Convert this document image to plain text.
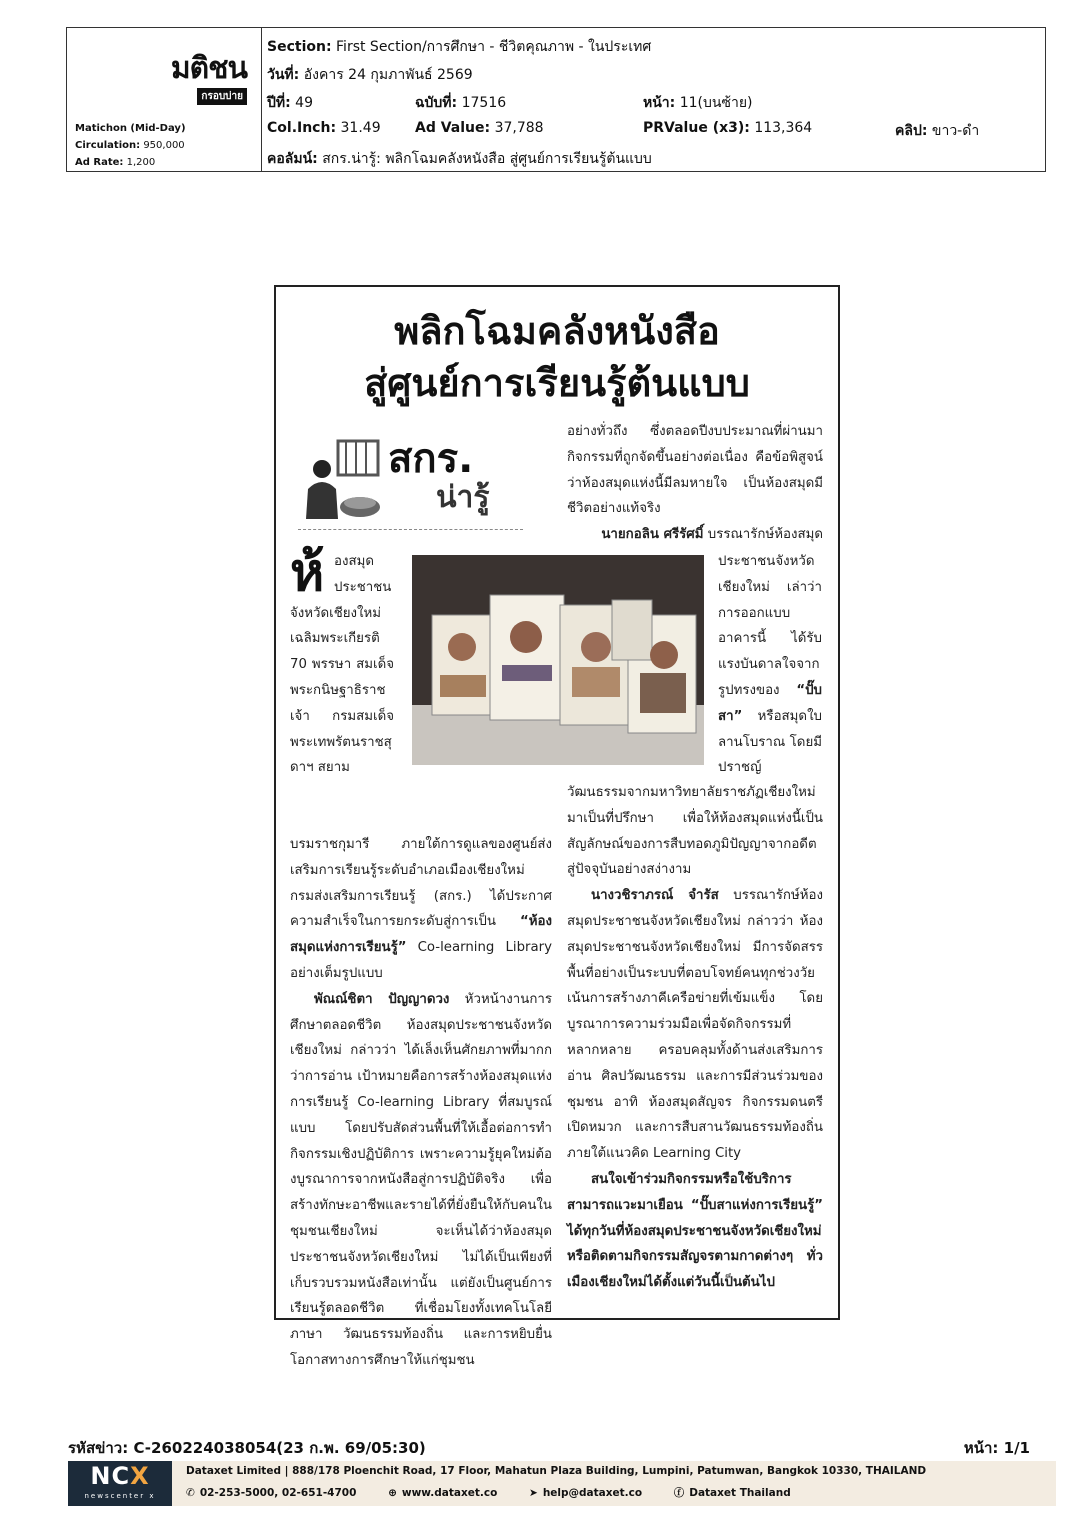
มติชน
กรอบบ่าย
Matichon (Mid-Day)
Circulation: 950,000
Ad Rate: 1,200
Section: First Section/การศึกษา - ชีวิตคุณภาพ - ในประเทศ
วันที่: อังคาร 24 กุมภาพันธ์ 2569
ปีที่: 49	ฉบับที่: 17516	หน้า: 11(บนซ้าย)
Col.Inch: 31.49 Ad Value: 37,788	PRValue (x3): 113,364	คลิป: ขาว-ดำ
คอลัมน์: สกร.น่ารู้: พลิกโฉมคลังหนังสือ สู่ศูนย์การเรียนรู้ต้นแบบ
พลิกโฉมคลังหนังสือ
สู่ศูนย์การเรียนรู้ต้นแบบ
สกร.
น่ารู้

อย่างทั่วถึง ซึ่งตลอดปีงบประมาณที่ผ่านมา กิจกรรมที่ถูกจัดขึ้นอย่างต่อเนื่อง คือข้อพิสูจน์ว่าห้องสมุดแห่งนี้มีลมหายใจ เป็นห้องสมุดมีชีวิตอย่างแท้จริง

นายกอลิน ศรีรัศมิ์ บรรณารักษ์ห้องสมุด

ห้ องสมุด ประชาชน

จังหวัดเชียงใหม่ เฉลิมพระเกียรติ 70 พรรษา สมเด็จพระกนิษฐาธิราชเจ้า กรมสมเด็จพระเทพรัตนราชสุดาฯ สยาม

ประชาชนจังหวัดเชียงใหม่ เล่าว่า การออกแบบอาคารนี้ ได้รับแรงบันดาลใจจากรูปทรงของ “ปั๊บสา” หรือสมุดใบลานโบราณ โดยมีปราชญ์

บรมราชกุมารี ภายใต้การดูแลของศูนย์ส่งเสริมการเรียนรู้ระดับอำเภอเมืองเชียงใหม่ กรมส่งเสริมการเรียนรู้ (สกร.) ได้ประกาศความสำเร็จในการยกระดับสู่การเป็น “ห้องสมุดแห่งการเรียนรู้” Co-learning Library อย่างเต็มรูปแบบ

พัณณ์ชิตา ปัญญาดวง หัวหน้างานการศึกษาตลอดชีวิต ห้องสมุดประชาชนจังหวัดเชียงใหม่ กล่าวว่า ได้เล็งเห็นศักยภาพที่มากกว่าการอ่าน เป้าหมายคือการสร้างห้องสมุดแห่งการเรียนรู้ Co-learning Library ที่สมบูรณ์แบบ โดยปรับสัดส่วนพื้นที่ให้เอื้อต่อการทำกิจกรรมเชิงปฏิบัติการ เพราะความรู้ยุคใหม่ต้องบูรณาการจากหนังสือสู่การปฏิบัติจริง เพื่อสร้างทักษะอาชีพและรายได้ที่ยั่งยืนให้กับคนในชุมชนเชียงใหม่ จะเห็นได้ว่าห้องสมุดประชาชนจังหวัดเชียงใหม่ ไม่ได้เป็นเพียงที่เก็บรวบรวมหนังสือเท่านั้น แต่ยังเป็นศูนย์การเรียนรู้ตลอดชีวิต ที่เชื่อมโยงทั้งเทคโนโลยี ภาษา วัฒนธรรมท้องถิ่น และการหยิบยื่นโอกาสทางการศึกษาให้แก่ชุมชน

วัฒนธรรมจากมหาวิทยาลัยราชภัฏเชียงใหม่มาเป็นที่ปรึกษา เพื่อให้ห้องสมุดแห่งนี้เป็นสัญลักษณ์ของการสืบทอดภูมิปัญญาจากอดีตสู่ปัจจุบันอย่างสง่างาม

นางวชิราภรณ์ จำรัส บรรณารักษ์ห้องสมุดประชาชนจังหวัดเชียงใหม่ กล่าวว่า ห้องสมุดประชาชนจังหวัดเชียงใหม่ มีการจัดสรรพื้นที่อย่างเป็นระบบที่ตอบโจทย์คนทุกช่วงวัย เน้นการสร้างภาคีเครือข่ายที่เข้มแข็ง โดยบูรณาการความร่วมมือเพื่อจัดกิจกรรมที่หลากหลาย ครอบคลุมทั้งด้านส่งเสริมการอ่าน ศิลปวัฒนธรรม และการมีส่วนร่วมของชุมชน อาทิ ห้องสมุดสัญจร กิจกรรมดนตรีเปิดหมวก และการสืบสานวัฒนธรรมท้องถิ่น ภายใต้แนวคิด Learning City

สนใจเข้าร่วมกิจกรรมหรือใช้บริการ สามารถแวะมาเยือน “ปั๊บสาแห่งการเรียนรู้” ได้ทุกวันที่ห้องสมุดประชาชนจังหวัดเชียงใหม่ หรือติดตามกิจกรรมสัญจรตามกาดต่างๆ ทั่วเมืองเชียงใหม่ได้ตั้งแต่วันนี้เป็นต้นไป

รหัสข่าว: C-260224038054(23 ก.พ. 69/05:30)	หน้า: 1/1
NCX
newscenter x
Dataxet Limited | 888/178 Ploenchit Road, 17 Floor, Mahatun Plaza Building, Lumpini, Patumwan, Bangkok 10330, THAILAND
✆ 02-253-5000, 02-651-4700	⊕ www.dataxet.co	➤ help@dataxet.co	ⓕ Dataxet Thailand
